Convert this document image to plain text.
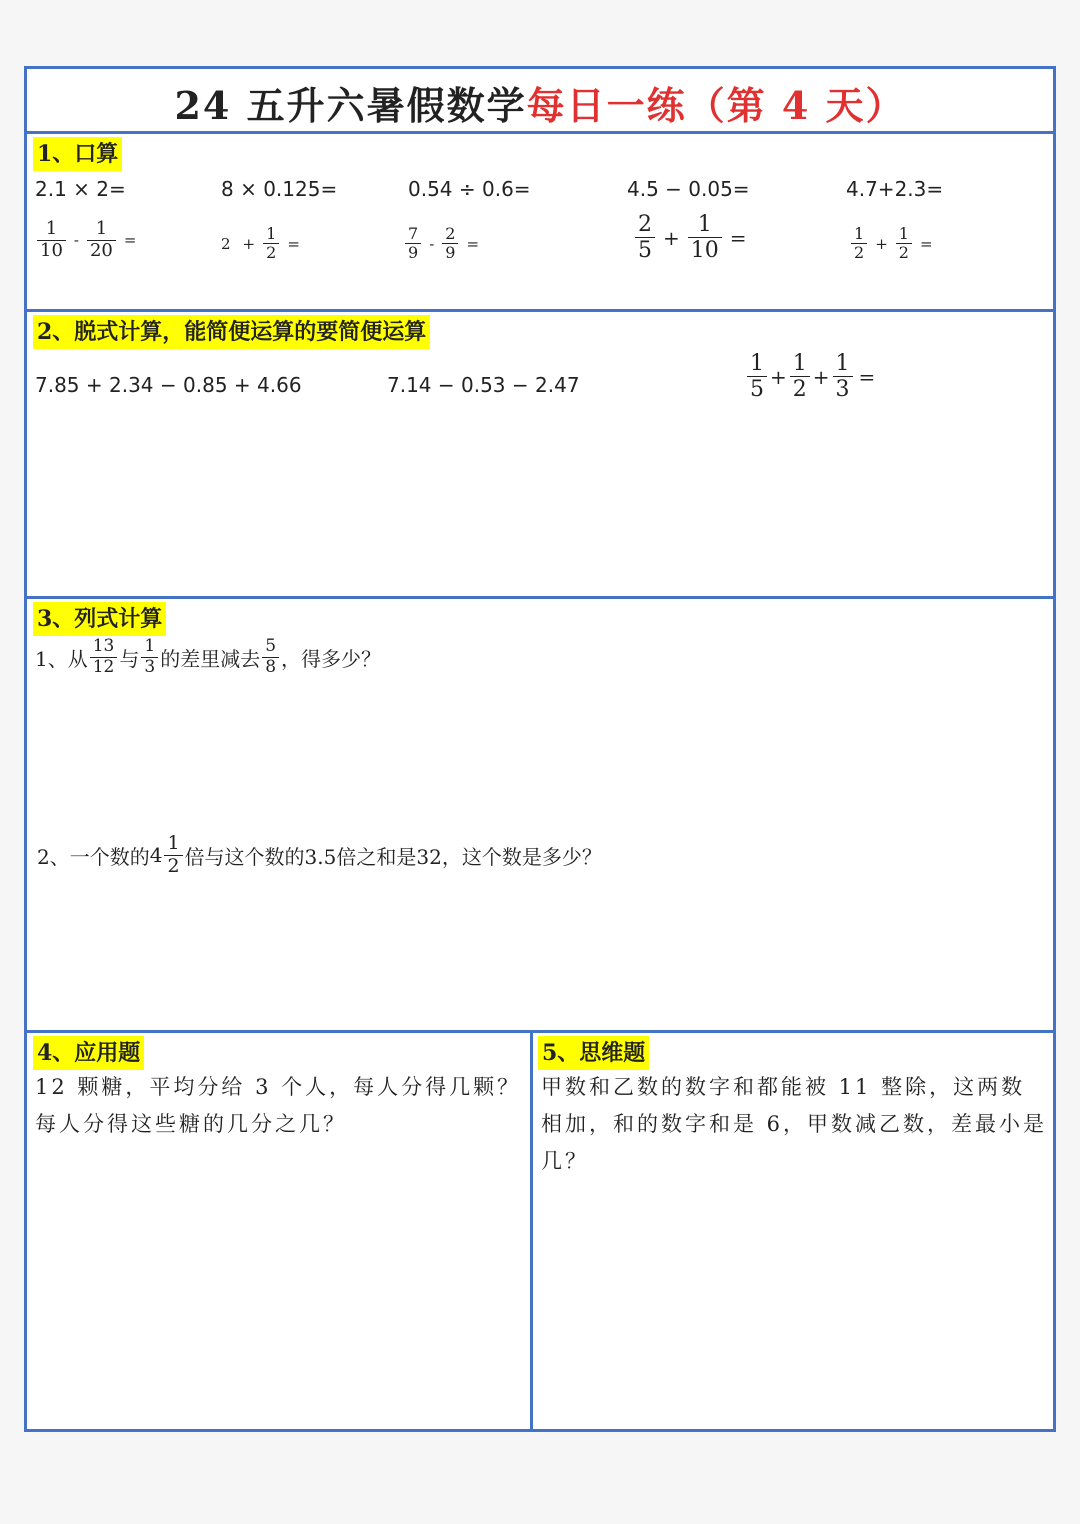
24 五升六暑假数学每日一练（第 4 天）
1、口算
2.1 × 2=	8 × 0.125=	0.54 ÷ 0.6=	4.5 − 0.05=	4.7+2.3=
$\frac{1}{10} - \frac{1}{20}$ =	$2 + \frac{1}{2}$ =	$\frac{7}{9} - \frac{2}{9}$ =	$\frac{2}{5} + \frac{1}{10}$ =	$\frac{1}{2} + \frac{1}{2}$ =
2、脱式计算，能简便运算的要简便运算
7.85 + 2.34 − 0.85 + 4.66	7.14 − 0.53 − 2.47	$\frac{1}{5} + \frac{1}{2} + \frac{1}{3}$ =
3、列式计算
1、从 $\frac{13}{12}$ 与 $\frac{1}{3}$ 的差里减去 $\frac{5}{8}$ ，得多少？
2、一个数的$4 \frac{1}{2}$ 倍与这个数的3.5倍之和是32，这个数是多少？
4、应用题
12 颗糖，平均分给 3 个人，每人分得几颗？每人分得这些糖的几分之几？
5、思维题
甲数和乙数的数字和都能被 11 整除，这两数相加，和的数字和是 6，甲数减乙数，差最小是几？
